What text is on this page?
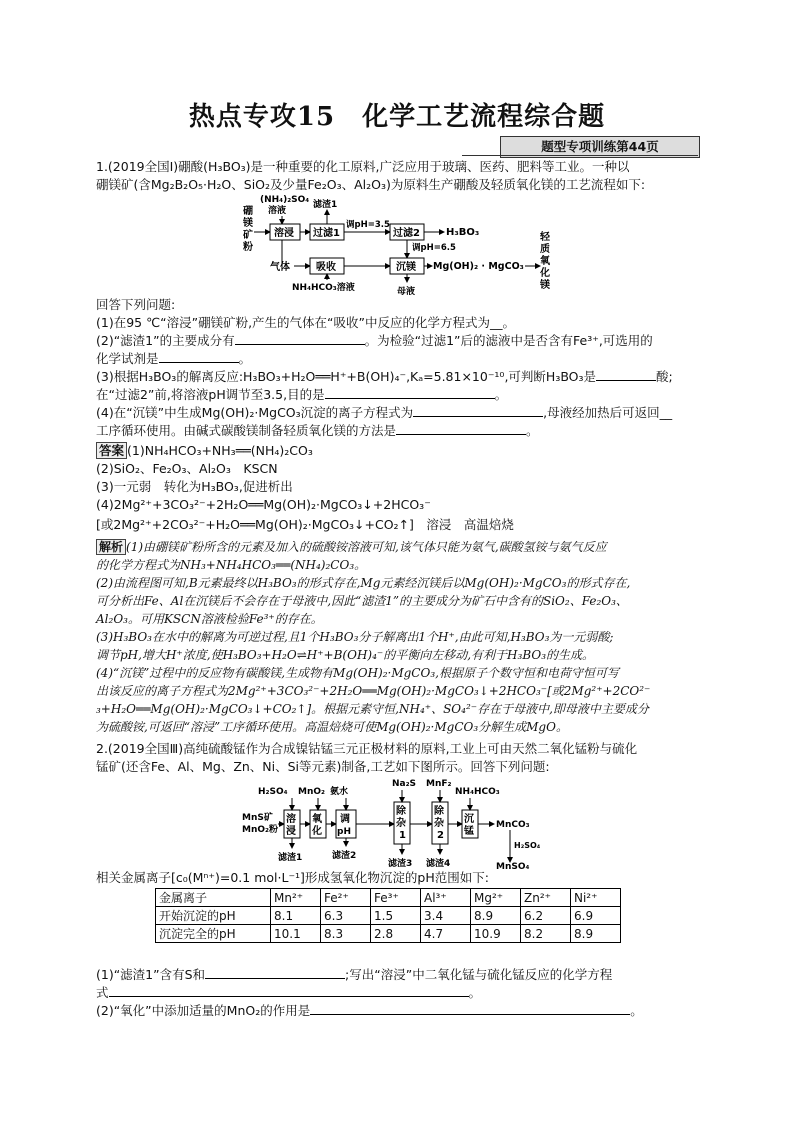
热点专攻15　化学工艺流程综合题
题型专项训练第44页
1.(2019全国Ⅰ)硼酸(H₃BO₃)是一种重要的化工原料,广泛应用于玻璃、医药、肥料等工业。一种以
硼镁矿(含Mg₂B₂O₅·H₂O、SiO₂及少量Fe₂O₃、Al₂O₃)为原料生产硼酸及轻质氧化镁的工艺流程如下:
硼
镁
矿
粉
(NH₄)₂SO₄
溶液
溶浸 过滤1
滤渣1
调pH=3.5
过滤2	H₃BO₃
调pH=6.5
气体	吸收
NH₄HCO₃溶液
沉镁 Mg(OH)₂ · MgCO₃
母液
轻
质
氧
化
镁
回答下列问题:
(1)在95 ℃“溶浸”硼镁矿粉,产生的气体在“吸收”中反应的化学方程式为__。
(2)“滤渣1”的主要成分有	。为检验“过滤1”后的滤液中是否含有Fe³⁺,可选用的
化学试剂是	。
(3)根据H₃BO₃的解离反应:H₃BO₃+H₂O══H⁺+B(OH)₄⁻,Kₐ=5.81×10⁻¹⁰,可判断H₃BO₃是	酸;
在“过滤2”前,将溶液pH调节至3.5,目的是	。
(4)在“沉镁”中生成Mg(OH)₂·MgCO₃沉淀的离子方程式为	,母液经加热后可返回__
工序循环使用。由碱式碳酸镁制备轻质氧化镁的方法是	。
答案 (1)NH₄HCO₃+NH₃══(NH₄)₂CO₃
(2)SiO₂、Fe₂O₃、Al₂O₃　KSCN
(3)一元弱　转化为H₃BO₃,促进析出
(4)2Mg²⁺+3CO₃²⁻+2H₂O══Mg(OH)₂·MgCO₃↓+2HCO₃⁻
[或2Mg²⁺+2CO₃²⁻+H₂O══Mg(OH)₂·MgCO₃↓+CO₂↑]　溶浸　高温焙烧
解析 (1)由硼镁矿粉所含的元素及加入的硫酸铵溶液可知,该气体只能为氨气,碳酸氢铵与氨气反应
的化学方程式为NH₃+NH₄HCO₃══(NH₄)₂CO₃。
(2)由流程图可知,B元素最终以H₃BO₃的形式存在,Mg元素经沉镁后以Mg(OH)₂·MgCO₃的形式存在,
可分析出Fe、Al在沉镁后不会存在于母液中,因此“滤渣1”的主要成分为矿石中含有的SiO₂、Fe₂O₃、
Al₂O₃。可用KSCN溶液检验Fe³⁺的存在。
(3)H₃BO₃在水中的解离为可逆过程,且1个H₃BO₃分子解离出1个H⁺,由此可知,H₃BO₃为一元弱酸;
调节pH,增大H⁺浓度,使H₃BO₃+H₂O⇌H⁺+B(OH)₄⁻的平衡向左移动,有利于H₃BO₃的生成。
(4)“沉镁”过程中的反应物有碳酸镁,生成物有Mg(OH)₂·MgCO₃,根据原子个数守恒和电荷守恒可写
出该反应的离子方程式为2Mg²⁺+3CO₃²⁻+2H₂O══Mg(OH)₂·MgCO₃↓+2HCO₃⁻[或2Mg²⁺+2CO²⁻
₃+H₂O══Mg(OH)₂·MgCO₃↓+CO₂↑]。根据元素守恒,NH₄⁺、SO₄²⁻存在于母液中,即母液中主要成分
为硫酸铵,可返回“溶浸”工序循环使用。高温焙烧可使Mg(OH)₂·MgCO₃分解生成MgO。
2.(2019全国Ⅲ)高纯硫酸锰作为合成镍钴锰三元正极材料的原料,工业上可由天然二氧化锰粉与硫化
锰矿(还含Fe、Al、Mg、Zn、Ni、Si等元素)制备,工艺如下图所示。回答下列问题:
MnS矿
MnO₂粉
H₂SO₄ MnO₂ 氨水
Na₂S MnF₂
NH₄HCO₃
溶
浸
氧
化
调
pH
除
杂
1
除
杂
2
沉
锰
MnCO₃
H₂SO₄
MnSO₄
滤渣1	滤渣2
滤渣3 滤渣4
相关金属离子[c₀(Mⁿ⁺)=0.1 mol·L⁻¹]形成氢氧化物沉淀的pH范围如下:
金属离子	Mn²⁺	Fe²⁺	Fe³⁺	Al³⁺	Mg²⁺	Zn²⁺	Ni²⁺
开始沉淀的pH	8.1	6.3	1.5	3.4	8.9	6.2	6.9
沉淀完全的pH	10.1	8.3	2.8	4.7	10.9	8.2	8.9
(1)“滤渣1”含有S和	;写出“溶浸”中二氧化锰与硫化锰反应的化学方程
式	。
(2)“氧化”中添加适量的MnO₂的作用是	。
